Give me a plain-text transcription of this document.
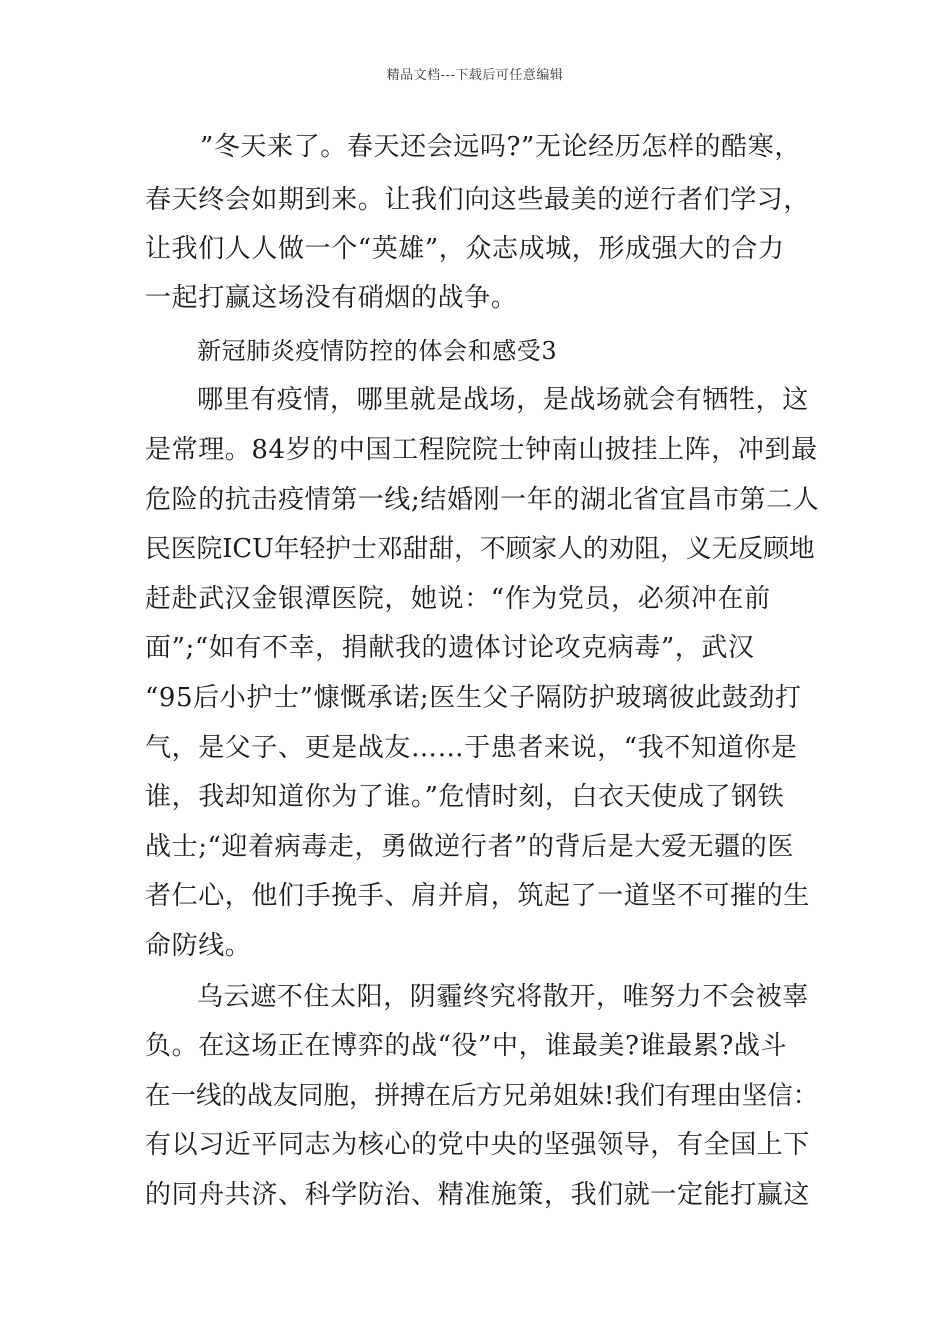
精品文档---下载后可任意编辑
”冬天来了。春天还会远吗?”无论经历怎样的酷寒，
春天终会如期到来。让我们向这些最美的逆行者们学习，
让我们人人做一个“英雄”，众志成城，形成强大的合力
一起打赢这场没有硝烟的战争。
新冠肺炎疫情防控的体会和感受3
哪里有疫情，哪里就是战场，是战场就会有牺牲，这
是常理。84岁的中国工程院院士钟南山披挂上阵，冲到最
危险的抗击疫情第一线;结婚刚一年的湖北省宜昌市第二人
民医院ICU年轻护士邓甜甜，不顾家人的劝阻，义无反顾地
赶赴武汉金银潭医院，她说：“作为党员，必须冲在前
面”;“如有不幸，捐献我的遗体讨论攻克病毒”，武汉
“95后小护士”慷慨承诺;医生父子隔防护玻璃彼此鼓劲打
气，是父子、更是战友……于患者来说，“我不知道你是
谁，我却知道你为了谁。”危情时刻，白衣天使成了钢铁
战士;“迎着病毒走，勇做逆行者”的背后是大爱无疆的医
者仁心，他们手挽手、肩并肩，筑起了一道坚不可摧的生
命防线。
乌云遮不住太阳，阴霾终究将散开，唯努力不会被辜
负。在这场正在博弈的战“役”中，谁最美?谁最累?战斗
在一线的战友同胞，拼搏在后方兄弟姐妹!我们有理由坚信：
有以习近平同志为核心的党中央的坚强领导，有全国上下
的同舟共济、科学防治、精准施策，我们就一定能打赢这
